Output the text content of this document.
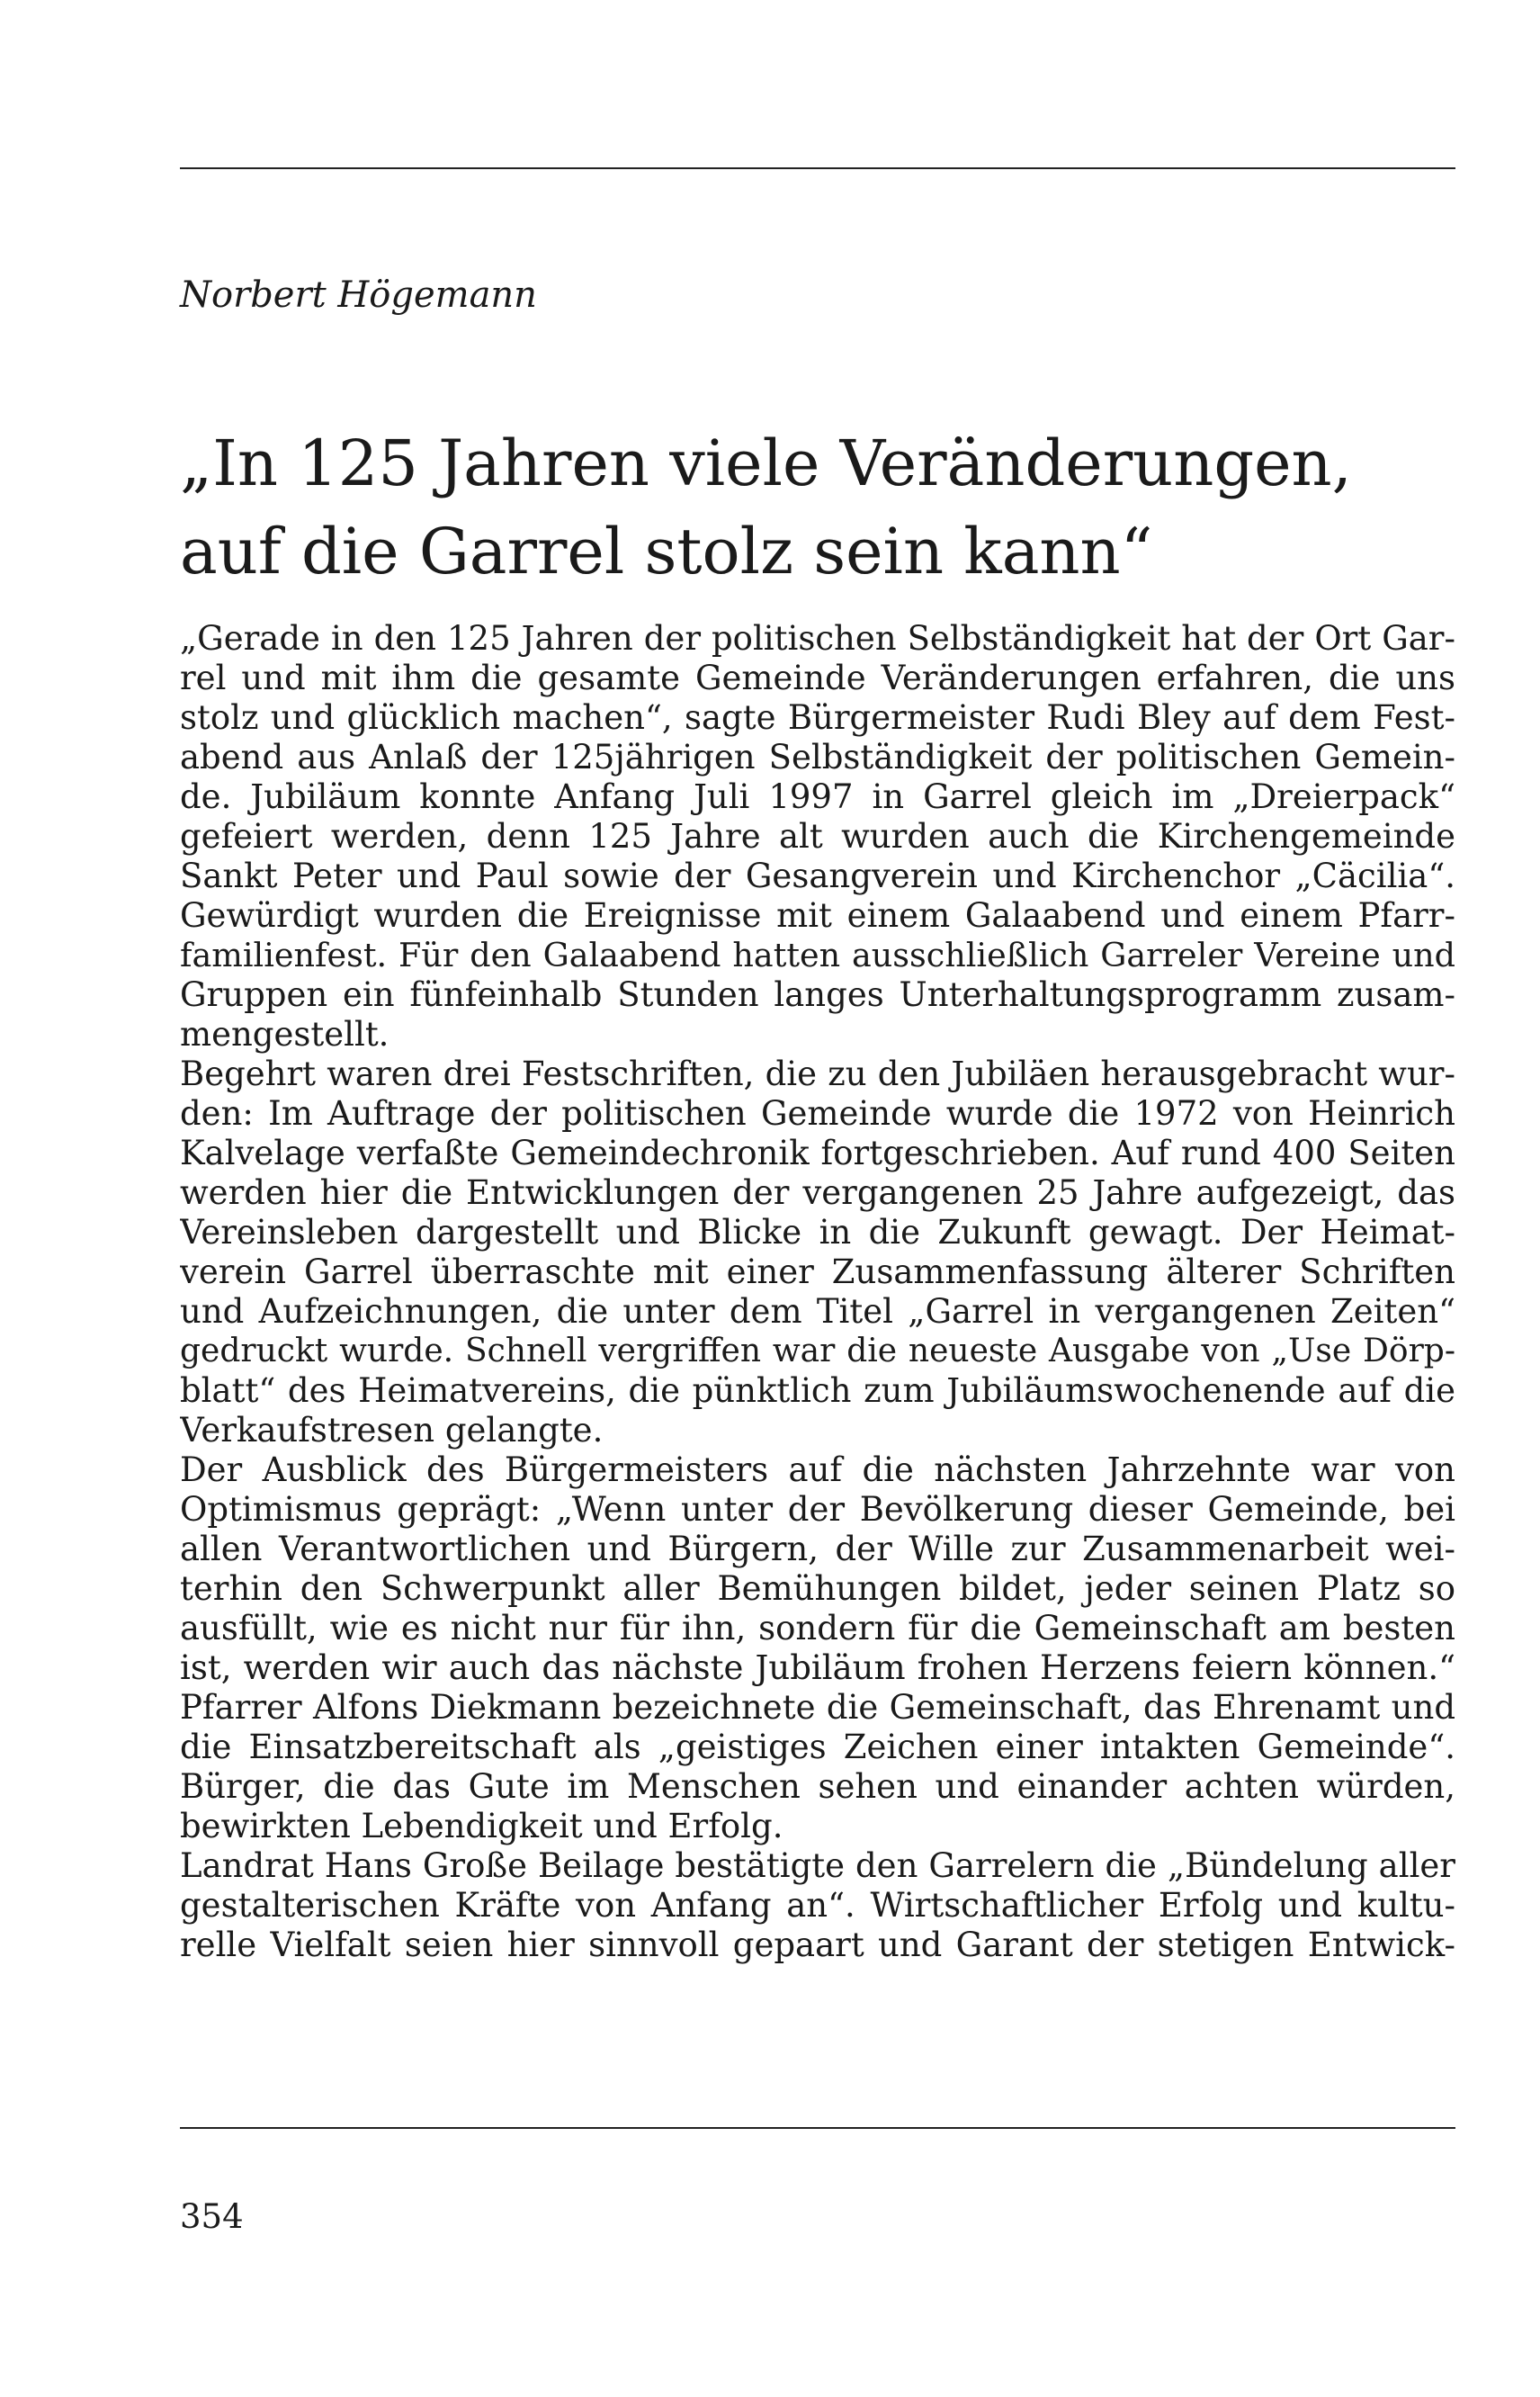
Norbert Högemann
„In 125 Jahren viele Veränderungen,
auf die Garrel stolz sein kann“
„Gerade in den 125 Jahren der politischen Selbständigkeit hat der Ort Gar-
rel und mit ihm die gesamte Gemeinde Veränderungen erfahren, die uns
stolz und glücklich machen“, sagte Bürgermeister Rudi Bley auf dem Fest-
abend aus Anlaß der 125jährigen Selbständigkeit der politischen Gemein-
de. Jubiläum konnte Anfang Juli 1997 in Garrel gleich im „Dreierpack“
gefeiert werden, denn 125 Jahre alt wurden auch die Kirchengemeinde
Sankt Peter und Paul sowie der Gesangverein und Kirchenchor „Cäcilia“.
Gewürdigt wurden die Ereignisse mit einem Galaabend und einem Pfarr-
familienfest. Für den Galaabend hatten ausschließlich Garreler Vereine und
Gruppen ein fünfeinhalb Stunden langes Unterhaltungsprogramm zusam-
mengestellt.
Begehrt waren drei Festschriften, die zu den Jubiläen herausgebracht wur-
den: Im Auftrage der politischen Gemeinde wurde die 1972 von Heinrich
Kalvelage verfaßte Gemeindechronik fortgeschrieben. Auf rund 400 Seiten
werden hier die Entwicklungen der vergangenen 25 Jahre aufgezeigt, das
Vereinsleben dargestellt und Blicke in die Zukunft gewagt. Der Heimat-
verein Garrel überraschte mit einer Zusammenfassung älterer Schriften
und Aufzeichnungen, die unter dem Titel „Garrel in vergangenen Zeiten“
gedruckt wurde. Schnell vergriffen war die neueste Ausgabe von „Use Dörp-
blatt“ des Heimatvereins, die pünktlich zum Jubiläumswochenende auf die
Verkaufstresen gelangte.
Der Ausblick des Bürgermeisters auf die nächsten Jahrzehnte war von
Optimismus geprägt: „Wenn unter der Bevölkerung dieser Gemeinde, bei
allen Verantwortlichen und Bürgern, der Wille zur Zusammenarbeit wei-
terhin den Schwerpunkt aller Bemühungen bildet, jeder seinen Platz so
ausfüllt, wie es nicht nur für ihn, sondern für die Gemeinschaft am besten
ist, werden wir auch das nächste Jubiläum frohen Herzens feiern können.“
Pfarrer Alfons Diekmann bezeichnete die Gemeinschaft, das Ehrenamt und
die Einsatzbereitschaft als „geistiges Zeichen einer intakten Gemeinde“.
Bürger, die das Gute im Menschen sehen und einander achten würden,
bewirkten Lebendigkeit und Erfolg.
Landrat Hans Große Beilage bestätigte den Garrelern die „Bündelung aller
gestalterischen Kräfte von Anfang an“. Wirtschaftlicher Erfolg und kultu-
relle Vielfalt seien hier sinnvoll gepaart und Garant der stetigen Entwick-
354
